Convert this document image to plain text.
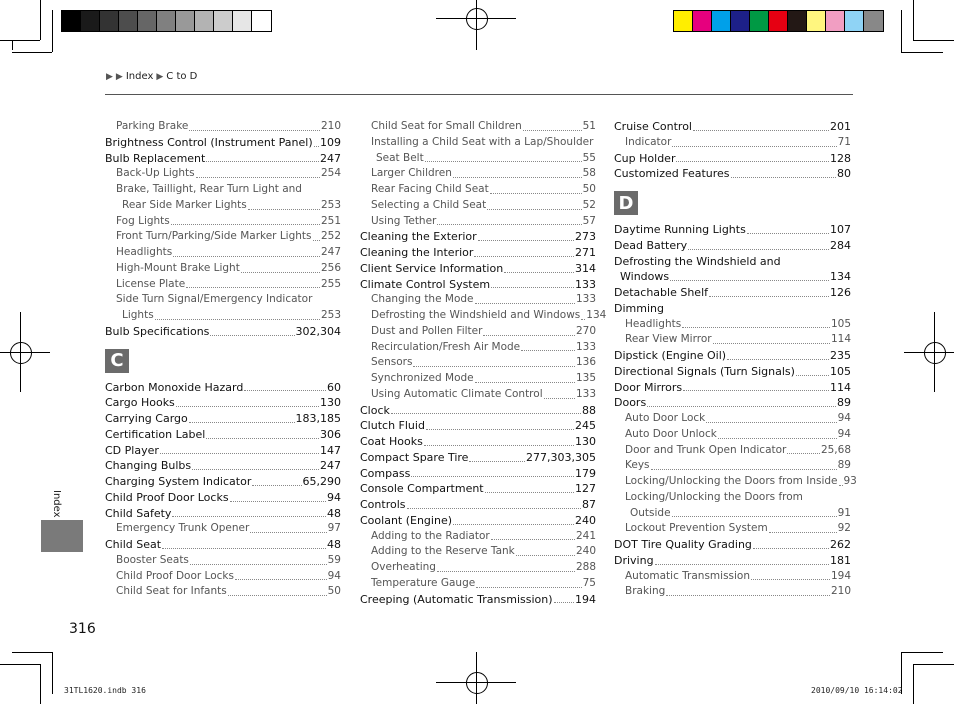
▶ ▶ Index ▶ C to D
Parking Brake	210
Brightness Control (Instrument Panel) 109
Bulb Replacement	247
Back-Up Lights	254
Brake, Taillight, Rear Turn Light and
Rear Side Marker Lights	253
Fog Lights	251
Front Turn/Parking/Side Marker Lights 252
Headlights	247
High-Mount Brake Light	256
License Plate	255
Side Turn Signal/Emergency Indicator
Lights	253
Bulb Specifications	302,304
C
Carbon Monoxide Hazard	60
Cargo Hooks	130
Carrying Cargo	183,185
Certification Label	306
CD Player	147
Changing Bulbs	247
Charging System Indicator	65,290
Child Proof Door Locks	94
Child Safety	48
Emergency Trunk Opener	97
Child Seat	48
Booster Seats	59
Child Proof Door Locks	94
Child Seat for Infants	50
Child Seat for Small Children	51
Installing a Child Seat with a Lap/Shoulder
Seat Belt	55
Larger Children	58
Rear Facing Child Seat	50
Selecting a Child Seat	52
Using Tether	57
Cleaning the Exterior	273
Cleaning the Interior	271
Client Service Information	314
Climate Control System	133
Changing the Mode	133
Defrosting the Windshield and Windows 134
Dust and Pollen Filter	270
Recirculation/Fresh Air Mode	133
Sensors	136
Synchronized Mode	135
Using Automatic Climate Control	133
Clock	88
Clutch Fluid	245
Coat Hooks	130
Compact Spare Tire	277,303,305
Compass	179
Console Compartment	127
Controls	87
Coolant (Engine)	240
Adding to the Radiator	241
Adding to the Reserve Tank	240
Overheating	288
Temperature Gauge	75
Creeping (Automatic Transmission) 194
Cruise Control	201
Indicator	71
Cup Holder	128
Customized Features	80
D
Daytime Running Lights	107
Dead Battery	284
Defrosting the Windshield and
Windows	134
Detachable Shelf	126
Dimming
Headlights	105
Rear View Mirror	114
Dipstick (Engine Oil)	235
Directional Signals (Turn Signals)	105
Door Mirrors	114
Doors	89
Auto Door Lock	94
Auto Door Unlock	94
Door and Trunk Open Indicator	25,68
Keys	89
Locking/Unlocking the Doors from Inside 93
Locking/Unlocking the Doors from
Outside	91
Lockout Prevention System	92
DOT Tire Quality Grading	262
Driving	181
Automatic Transmission	194
Braking	210
Index
316
31TL1620.indb 316	2010/09/10 16:14:02
